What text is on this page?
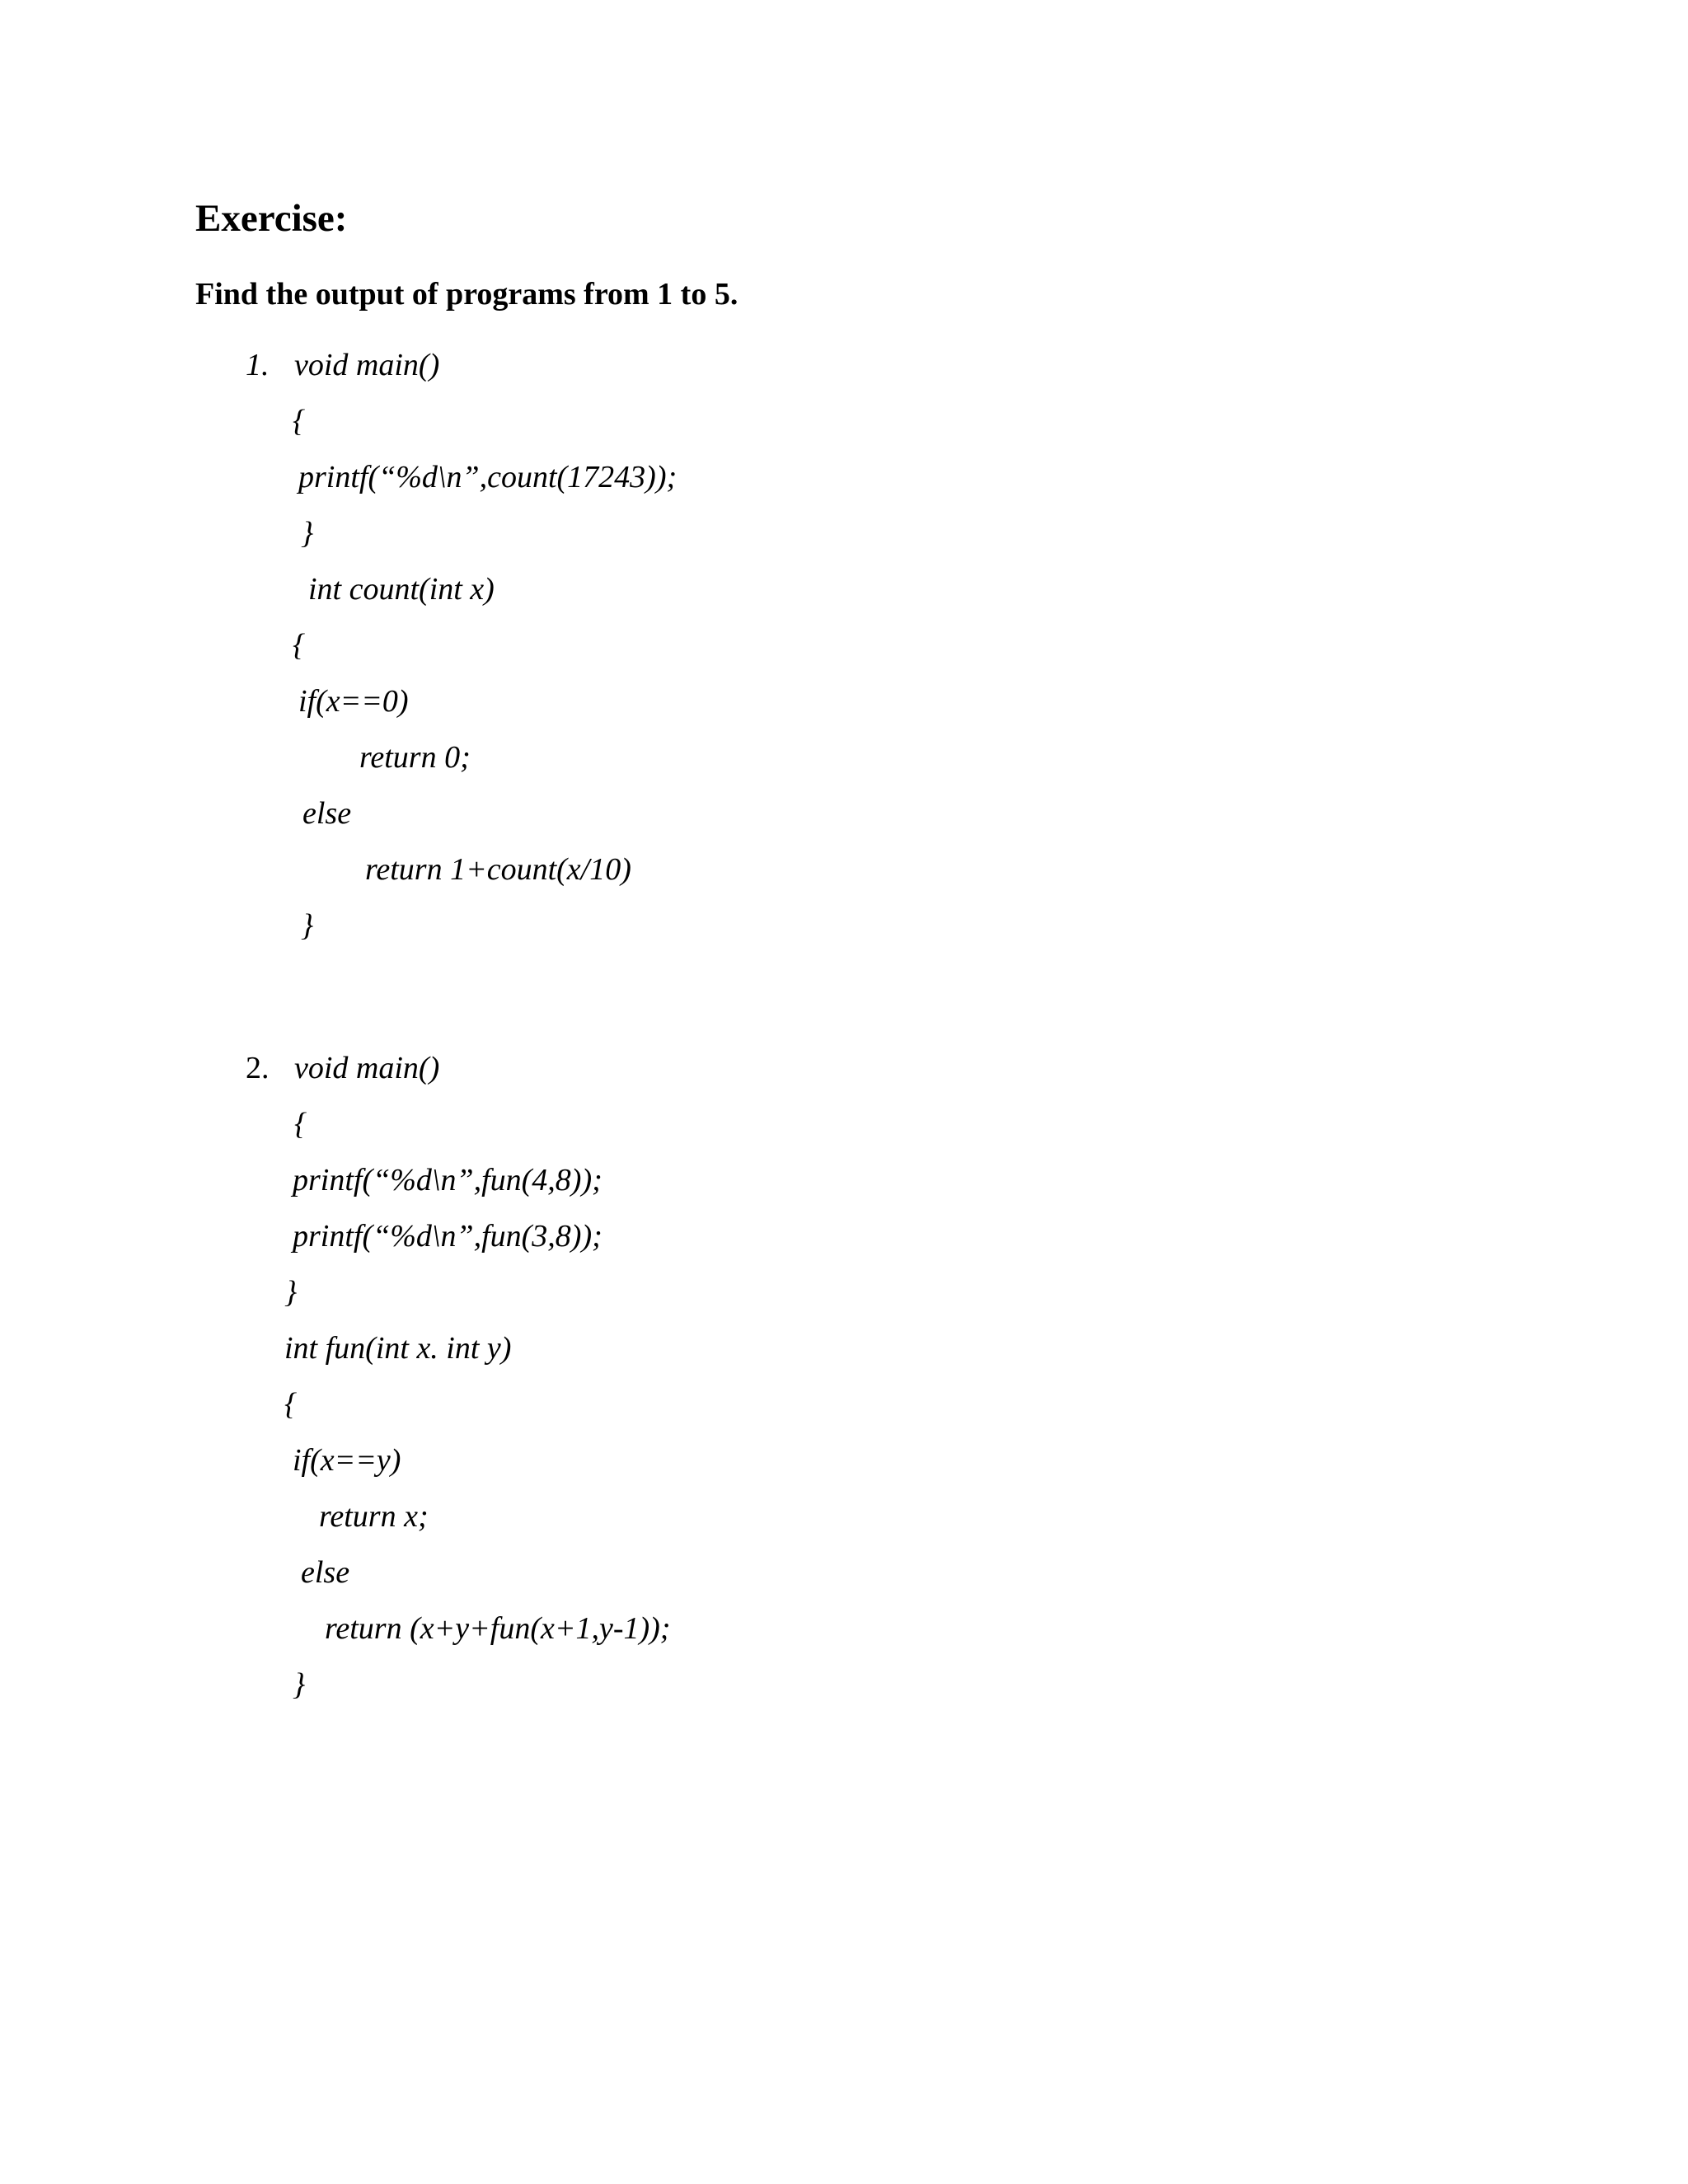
Exercise:
Find the output of programs from 1 to 5.
1. void main()
{
printf(“%d\n”,count(17243));
}
int count(int x)
{
if(x==0)
return 0;
else
return 1+count(x/10)
}
2. void main()
{
printf(“%d\n”,fun(4,8));
printf(“%d\n”,fun(3,8));
}
int fun(int x. int y)
{
if(x==y)
return x;
else
return (x+y+fun(x+1,y-1));
}
